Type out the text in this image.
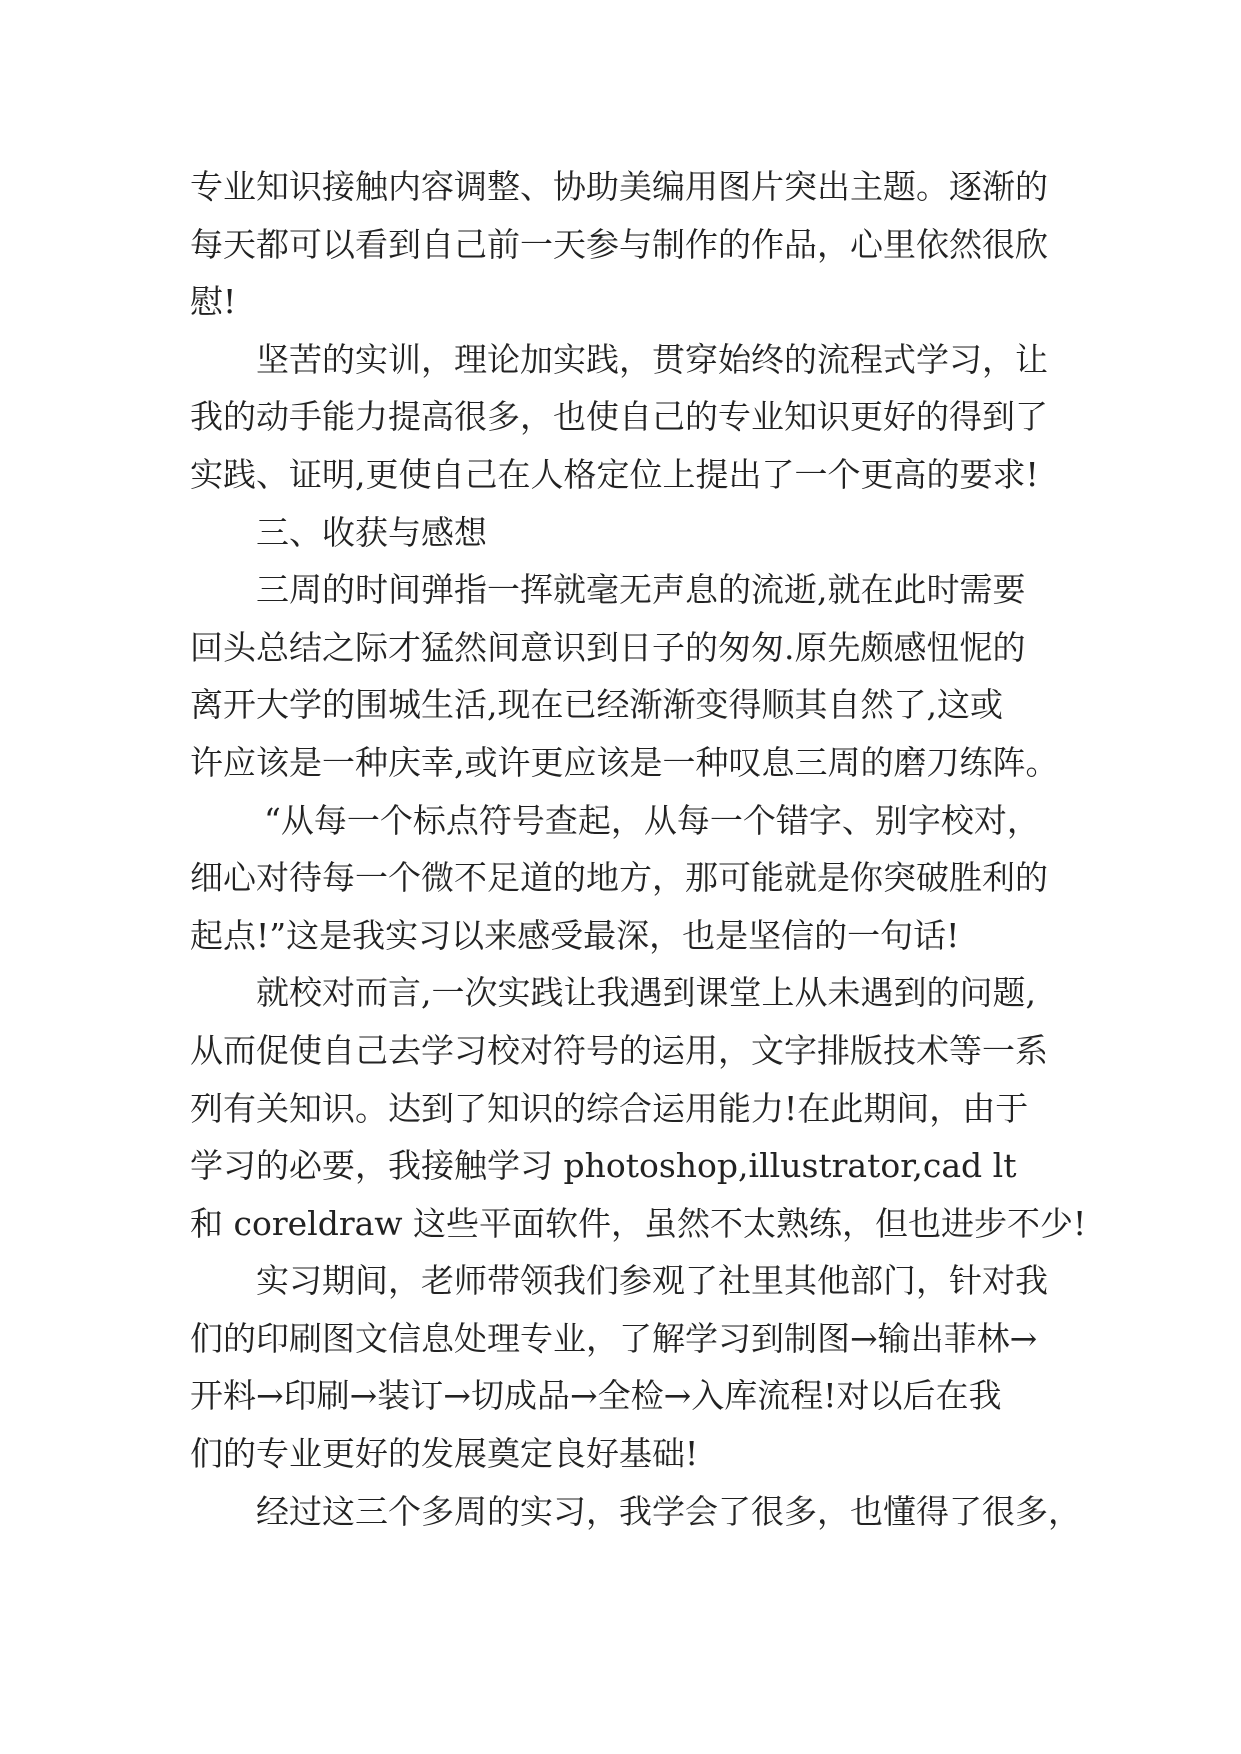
专业知识接触内容调整、协助美编用图片突出主题。逐渐的
每天都可以看到自己前一天参与制作的作品，心里依然很欣
慰!
坚苦的实训，理论加实践，贯穿始终的流程式学习，让
我的动手能力提高很多，也使自己的专业知识更好的得到了
实践、证明,更使自己在人格定位上提出了一个更高的要求!
三、收获与感想
三周的时间弹指一挥就毫无声息的流逝,就在此时需要
回头总结之际才猛然间意识到日子的匆匆.原先颇感忸怩的
离开大学的围城生活,现在已经渐渐变得顺其自然了,这或
许应该是一种庆幸,或许更应该是一种叹息三周的磨刀练阵。
“从每一个标点符号查起，从每一个错字、别字校对，
细心对待每一个微不足道的地方，那可能就是你突破胜利的
起点!”这是我实习以来感受最深，也是坚信的一句话!
就校对而言,一次实践让我遇到课堂上从未遇到的问题,
从而促使自己去学习校对符号的运用，文字排版技术等一系
列有关知识。达到了知识的综合运用能力!在此期间，由于
学习的必要，我接触学习 photoshop,illustrator,cad lt
和 coreldraw 这些平面软件，虽然不太熟练，但也进步不少!
实习期间，老师带领我们参观了社里其他部门，针对我
们的印刷图文信息处理专业，了解学习到制图→输出菲林→
开料→印刷→装订→切成品→全检→入库流程!对以后在我
们的专业更好的发展奠定良好基础!
经过这三个多周的实习，我学会了很多，也懂得了很多，
